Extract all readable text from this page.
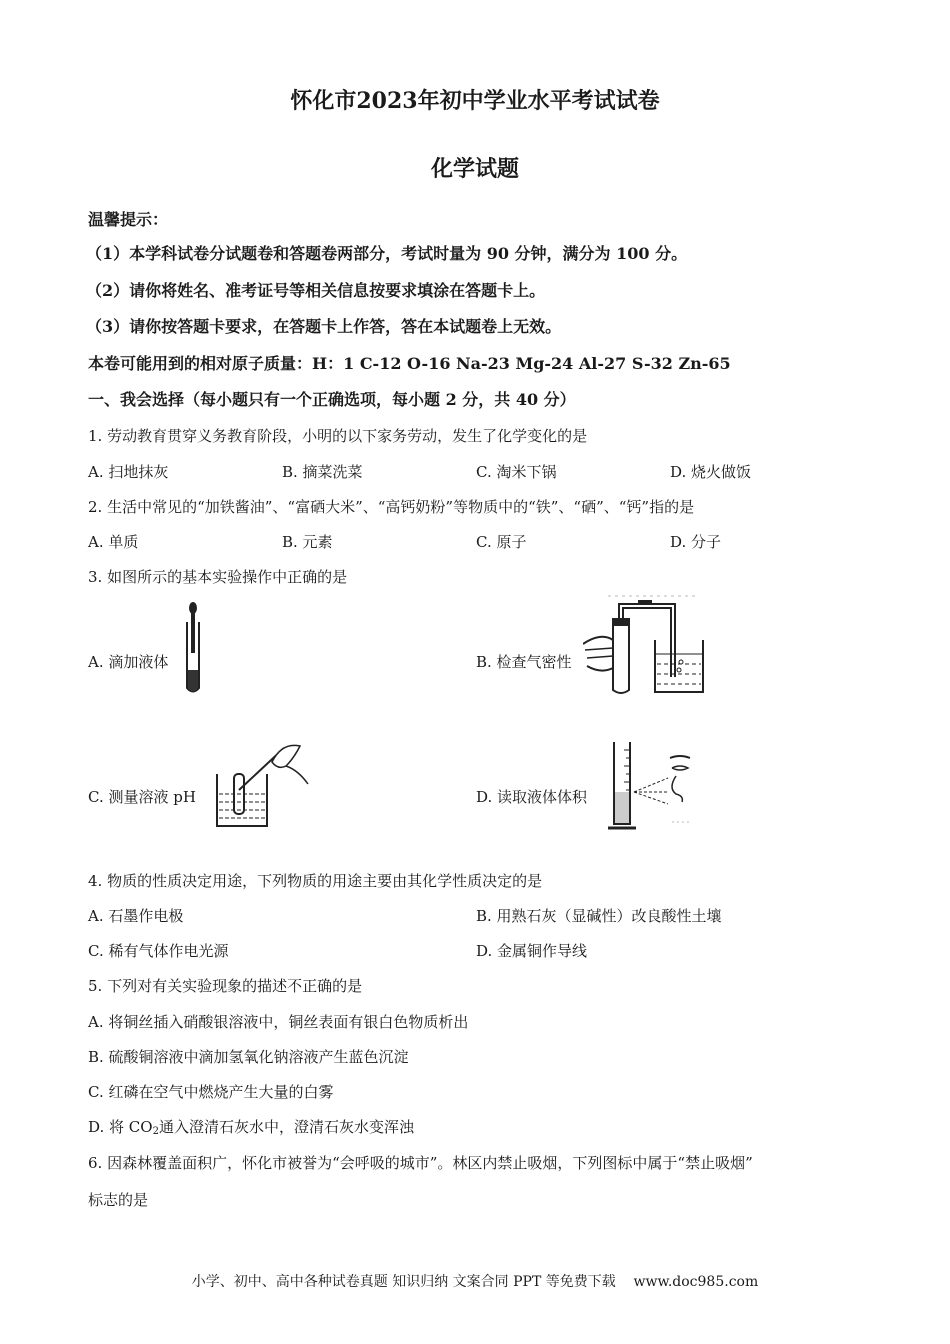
怀化市2023年初中学业水平考试试卷
化学试题
温馨提示：
（1）本学科试卷分试题卷和答题卷两部分，考试时量为 90 分钟，满分为 100 分。
（2）请你将姓名、准考证号等相关信息按要求填涂在答题卡上。
（3）请你按答题卡要求，在答题卡上作答，答在本试题卷上无效。
本卷可能用到的相对原子质量：H：1 C-12 O-16 Na-23 Mg-24 Al-27 S-32 Zn-65
一、我会选择（每小题只有一个正确选项，每小题 2 分，共 40 分）
1. 劳动教育贯穿义务教育阶段，小明的以下家务劳动，发生了化学变化的是
A. 扫地抹灰	B. 摘菜洗菜	C. 淘米下锅	D. 烧火做饭
2. 生活中常见的“加铁酱油”、“富硒大米”、“高钙奶粉”等物质中的“铁”、“硒”、“钙”指的是
A. 单质	B. 元素	C. 原子	D. 分子
3. 如图所示的基本实验操作中正确的是
A. 滴加液体	B. 检查气密性
C. 测量溶液 pH	D. 读取液体体积
4. 物质的性质决定用途，下列物质的用途主要由其化学性质决定的是
A. 石墨作电极	B. 用熟石灰（显碱性）改良酸性土壤
C. 稀有气体作电光源	D. 金属铜作导线
5. 下列对有关实验现象的描述不正确的是
A. 将铜丝插入硝酸银溶液中，铜丝表面有银白色物质析出
B. 硫酸铜溶液中滴加氢氧化钠溶液产生蓝色沉淀
C. 红磷在空气中燃烧产生大量的白雾
D. 将 $CO_2$通入澄清石灰水中，澄清石灰水变浑浊
6. 因森林覆盖面积广，怀化市被誉为“会呼吸的城市”。林区内禁止吸烟，下列图标中属于“禁止吸烟”
标志的是
小学、初中、高中各种试卷真题 知识归纳 文案合同 PPT 等免费下载 www.doc985.com
